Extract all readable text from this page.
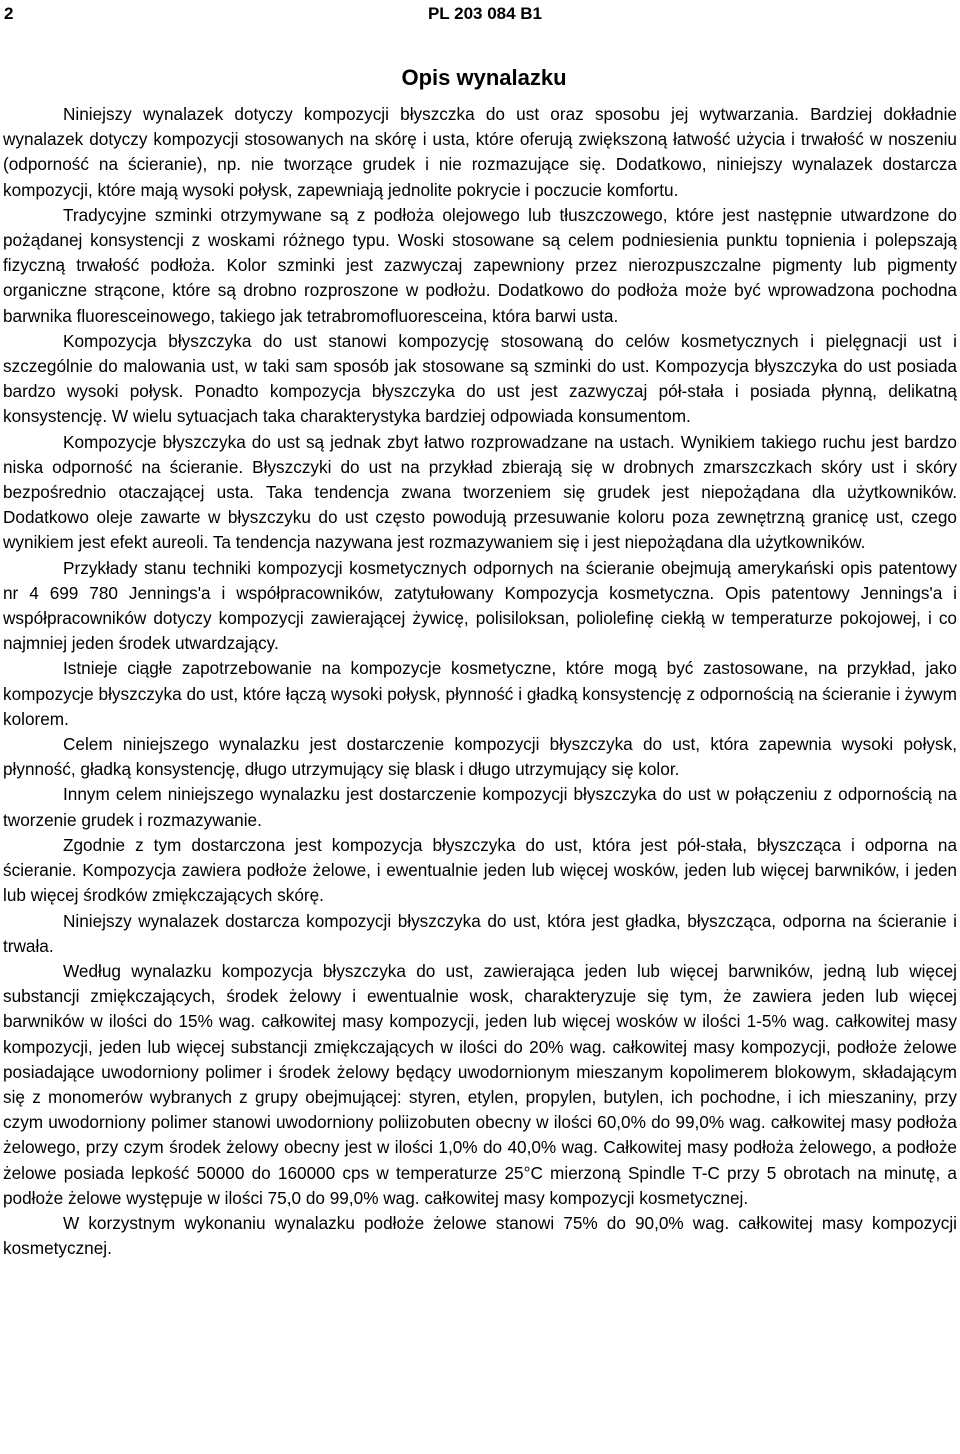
2	PL 203 084 B1
Opis wynalazku

Niniejszy wynalazek dotyczy kompozycji błyszczka do ust oraz sposobu jej wytwarzania. Bardziej dokładnie wynalazek dotyczy kompozycji stosowanych na skórę i usta, które oferują zwiększoną łatwość użycia i trwałość w noszeniu (odporność na ścieranie), np. nie tworzące grudek i nie rozmazujące się. Dodatkowo, niniejszy wynalazek dostarcza kompozycji, które mają wysoki połysk, zapewniają jednolite pokrycie i poczucie komfortu.

Tradycyjne szminki otrzymywane są z podłoża olejowego lub tłuszczowego, które jest następnie utwardzone do pożądanej konsystencji z woskami różnego typu. Woski stosowane są celem podniesienia punktu topnienia i polepszają fizyczną trwałość podłoża. Kolor szminki jest zazwyczaj zapewniony przez nierozpuszczalne pigmenty lub pigmenty organiczne strącone, które są drobno rozproszone w podłożu. Dodatkowo do podłoża może być wprowadzona pochodna barwnika fluoresceinowego, takiego jak tetrabromofluoresceina, która barwi usta.

Kompozycja błyszczyka do ust stanowi kompozycję stosowaną do celów kosmetycznych i pielęgnacji ust i szczególnie do malowania ust, w taki sam sposób jak stosowane są szminki do ust. Kompozycja błyszczyka do ust posiada bardzo wysoki połysk. Ponadto kompozycja błyszczyka do ust jest zazwyczaj pół-stała i posiada płynną, delikatną konsystencję. W wielu sytuacjach taka charakterystyka bardziej odpowiada konsumentom.

Kompozycje błyszczyka do ust są jednak zbyt łatwo rozprowadzane na ustach. Wynikiem takiego ruchu jest bardzo niska odporność na ścieranie. Błyszczyki do ust na przykład zbierają się w drobnych zmarszczkach skóry ust i skóry bezpośrednio otaczającej usta. Taka tendencja zwana tworzeniem się grudek jest niepożądana dla użytkowników. Dodatkowo oleje zawarte w błyszczyku do ust często powodują przesuwanie koloru poza zewnętrzną granicę ust, czego wynikiem jest efekt aureoli. Ta tendencja nazywana jest rozmazywaniem się i jest niepożądana dla użytkowników.

Przykłady stanu techniki kompozycji kosmetycznych odpornych na ścieranie obejmują amerykański opis patentowy nr 4 699 780 Jennings'a i współpracowników, zatytułowany Kompozycja kosmetyczna. Opis patentowy Jennings'a i współpracowników dotyczy kompozycji zawierającej żywicę, polisiloksan, poliolefinę ciekłą w temperaturze pokojowej, i co najmniej jeden środek utwardzający.

Istnieje ciągłe zapotrzebowanie na kompozycje kosmetyczne, które mogą być zastosowane, na przykład, jako kompozycje błyszczyka do ust, które łączą wysoki połysk, płynność i gładką konsystencję z odpornością na ścieranie i żywym kolorem.

Celem niniejszego wynalazku jest dostarczenie kompozycji błyszczyka do ust, która zapewnia wysoki połysk, płynność, gładką konsystencję, długo utrzymujący się blask i długo utrzymujący się kolor.

Innym celem niniejszego wynalazku jest dostarczenie kompozycji błyszczyka do ust w połączeniu z odpornością na tworzenie grudek i rozmazywanie.

Zgodnie z tym dostarczona jest kompozycja błyszczyka do ust, która jest pół-stała, błyszcząca i odporna na ścieranie. Kompozycja zawiera podłoże żelowe, i ewentualnie jeden lub więcej wosków, jeden lub więcej barwników, i jeden lub więcej środków zmiękczających skórę.

Niniejszy wynalazek dostarcza kompozycji błyszczyka do ust, która jest gładka, błyszcząca, odporna na ścieranie i trwała.

Według wynalazku kompozycja błyszczyka do ust, zawierająca jeden lub więcej barwników, jedną lub więcej substancji zmiękczających, środek żelowy i ewentualnie wosk, charakteryzuje się tym, że zawiera jeden lub więcej barwników w ilości do 15% wag. całkowitej masy kompozycji, jeden lub więcej wosków w ilości 1-5% wag. całkowitej masy kompozycji, jeden lub więcej substancji zmiękczających w ilości do 20% wag. całkowitej masy kompozycji, podłoże żelowe posiadające uwodorniony polimer i środek żelowy będący uwodornionym mieszanym kopolimerem blokowym, składającym się z monomerów wybranych z grupy obejmującej: styren, etylen, propylen, butylen, ich pochodne, i ich mieszaniny, przy czym uwodorniony polimer stanowi uwodorniony poliizobuten obecny w ilości 60,0% do 99,0% wag. całkowitej masy podłoża żelowego, przy czym środek żelowy obecny jest w ilości 1,0% do 40,0% wag. Całkowitej masy podłoża żelowego, a podłoże żelowe posiada lepkość 50000 do 160000 cps w temperaturze 25°C mierzoną Spindle T-C przy 5 obrotach na minutę, a podłoże żelowe występuje w ilości 75,0 do 99,0% wag. całkowitej masy kompozycji kosmetycznej.

W korzystnym wykonaniu wynalazku podłoże żelowe stanowi 75% do 90,0% wag. całkowitej masy kompozycji kosmetycznej.
